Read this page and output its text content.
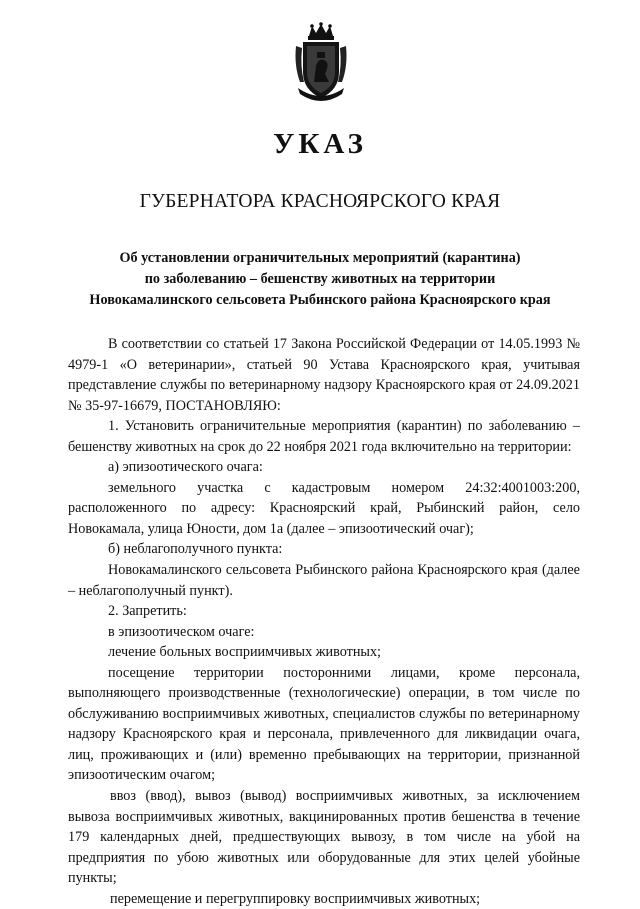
УКАЗ
ГУБЕРНАТОРА КРАСНОЯРСКОГО КРАЯ
Об установлении ограничительных мероприятий (карантина)
по заболеванию – бешенству животных на территории
Новокамалинского сельсовета Рыбинского района Красноярского края

В соответствии со статьей 17 Закона Российской Федерации от 14.05.1993 № 4979-1 «О ветеринарии», статьей 90 Устава Красноярского края, учитывая представление службы по ветеринарному надзору Красноярского края от 24.09.2021 № 35-97-16679, ПОСТАНОВЛЯЮ:

1. Установить ограничительные мероприятия (карантин) по заболеванию – бешенству животных на срок до 22 ноября 2021 года включительно на территории:

а) эпизоотического очага:

земельного участка с кадастровым номером 24:32:4001003:200, расположенного по адресу: Красноярский край, Рыбинский район, село Новокамала, улица Юности, дом 1а (далее – эпизоотический очаг);

б) неблагополучного пункта:

Новокамалинского сельсовета Рыбинского района Красноярского края (далее – неблагополучный пункт).

2. Запретить:

в эпизоотическом очаге:

лечение больных восприимчивых животных;

посещение территории посторонними лицами, кроме персонала, выполняющего производственные (технологические) операции, в том числе по обслуживанию восприимчивых животных, специалистов службы по ветеринарному надзору Красноярского края и персонала, привлеченного для ликвидации очага, лиц, проживающих и (или) временно пребывающих на территории, признанной эпизоотическим очагом;

ввоз (ввод), вывоз (вывод) восприимчивых животных, за исключением вывоза восприимчивых животных, вакцинированных против бешенства в течение 179 календарных дней, предшествующих вывозу, в том числе на убой на предприятия по убою животных или оборудованные для этих целей убойные пункты;

перемещение и перегруппировку восприимчивых животных;
